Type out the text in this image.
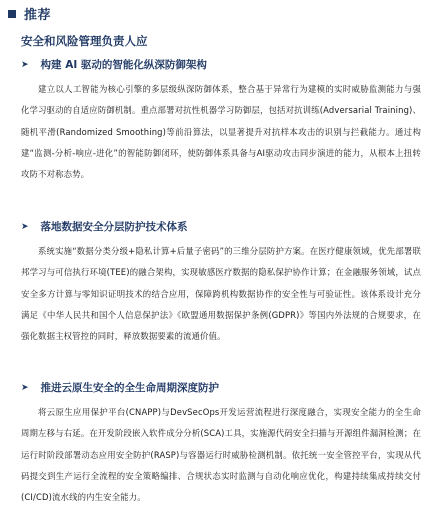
推荐
安全和风险管理负责人应
➤ 构建 AI 驱动的智能化纵深防御架构

建立以人工智能为核心引擎的多层级纵深防御体系，整合基于异常行为建模的实时威胁监测能力与强化学习驱动的自适应防御机制。重点部署对抗性机器学习防御层，包括对抗训练(Adversarial Training)、随机平滑(Randomized Smoothing)等前沿算法，以显著提升对抗样本攻击的识别与拦截能力。通过构建“监测-分析-响应-进化”的智能防御闭环，使防御体系具备与AI驱动攻击同步演进的能力，从根本上扭转攻防不对称态势。

➤ 落地数据安全分层防护技术体系

系统实施“数据分类分级+隐私计算+后量子密码”的三维分层防护方案。在医疗健康领域，优先部署联邦学习与可信执行环境(TEE)的融合架构，实现敏感医疗数据的隐私保护协作计算；在金融服务领域，试点安全多方计算与零知识证明技术的结合应用，保障跨机构数据协作的安全性与可验证性。该体系设计充分满足《中华人民共和国个人信息保护法》《欧盟通用数据保护条例(GDPR)》等国内外法规的合规要求，在强化数据主权管控的同时，释放数据要素的流通价值。

➤ 推进云原生安全的全生命周期深度防护

将云原生应用保护平台(CNAPP)与DevSecOps开发运营流程进行深度融合，实现安全能力的全生命周期左移与右延。在开发阶段嵌入软件成分分析(SCA)工具，实施源代码安全扫描与开源组件漏洞检测；在运行时阶段部署动态应用安全防护(RASP)与容器运行时威胁检测机制。依托统一安全管控平台，实现从代码提交到生产运行全流程的安全策略编排、合规状态实时监测与自动化响应优化，构建持续集成持续交付(CI/CD)流水线的内生安全能力。
